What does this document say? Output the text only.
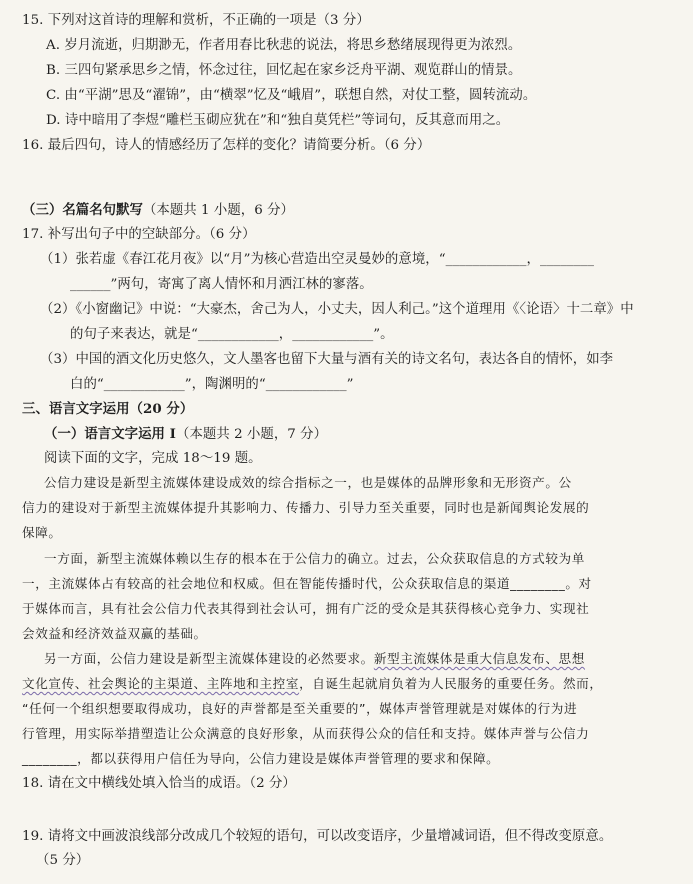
15. 下列对这首诗的理解和赏析，不正确的一项是（3 分）
A. 岁月流逝，归期渺无，作者用春比秋悲的说法，将思乡愁绪展现得更为浓烈。
B. 三四句紧承思乡之情，怀念过往，回忆起在家乡泛舟平湖、观览群山的情景。
C. 由“平湖”思及“濯锦”，由“横翠”忆及“峨眉”，联想自然，对仗工整，圆转流动。
D. 诗中暗用了李煜“雕栏玉砌应犹在”和“独自莫凭栏”等词句，反其意而用之。
16. 最后四句，诗人的情感经历了怎样的变化？请简要分析。（6 分）
（三）名篇名句默写（本题共 1 小题，6 分）
17. 补写出句子中的空缺部分。（6 分）
（1）张若虚《春江花月夜》以“月”为核心营造出空灵曼妙的意境，“____________，________
______”两句，寄寓了离人情怀和月洒江林的寥落。
（2）《小窗幽记》中说：“大豪杰，舍己为人，小丈夫，因人利己。”这个道理用《〈论语〉十二章》中
的句子来表达，就是“____________，____________”。
（3）中国的酒文化历史悠久，文人墨客也留下大量与酒有关的诗文名句，表达各自的情怀，如李
白的“____________”，陶渊明的“____________”
三、语言文字运用（20 分）
（一）语言文字运用 Ⅰ（本题共 2 小题，7 分）
阅读下面的文字，完成 18～19 题。
公信力建设是新型主流媒体建设成效的综合指标之一，也是媒体的品牌形象和无形资产。公
信力的建设对于新型主流媒体提升其影响力、传播力、引导力至关重要，同时也是新闻舆论发展的
保障。
一方面，新型主流媒体赖以生存的根本在于公信力的确立。过去，公众获取信息的方式较为单
一，主流媒体占有较高的社会地位和权威。但在智能传播时代，公众获取信息的渠道________。对
于媒体而言，具有社会公信力代表其得到社会认可，拥有广泛的受众是其获得核心竞争力、实现社
会效益和经济效益双赢的基础。
另一方面，公信力建设是新型主流媒体建设的必然要求。新型主流媒体是重大信息发布、思想
文化宣传、社会舆论的主渠道、主阵地和主控室，自诞生起就肩负着为人民服务的重要任务。然而，
“任何一个组织想要取得成功，良好的声誉都是至关重要的”，媒体声誉管理就是对媒体的行为进
行管理，用实际举措塑造让公众满意的良好形象，从而获得公众的信任和支持。媒体声誉与公信力
________，都以获得用户信任为导向，公信力建设是媒体声誉管理的要求和保障。
18. 请在文中横线处填入恰当的成语。（2 分）
19. 请将文中画波浪线部分改成几个较短的语句，可以改变语序，少量增减词语，但不得改变原意。
（5 分）
